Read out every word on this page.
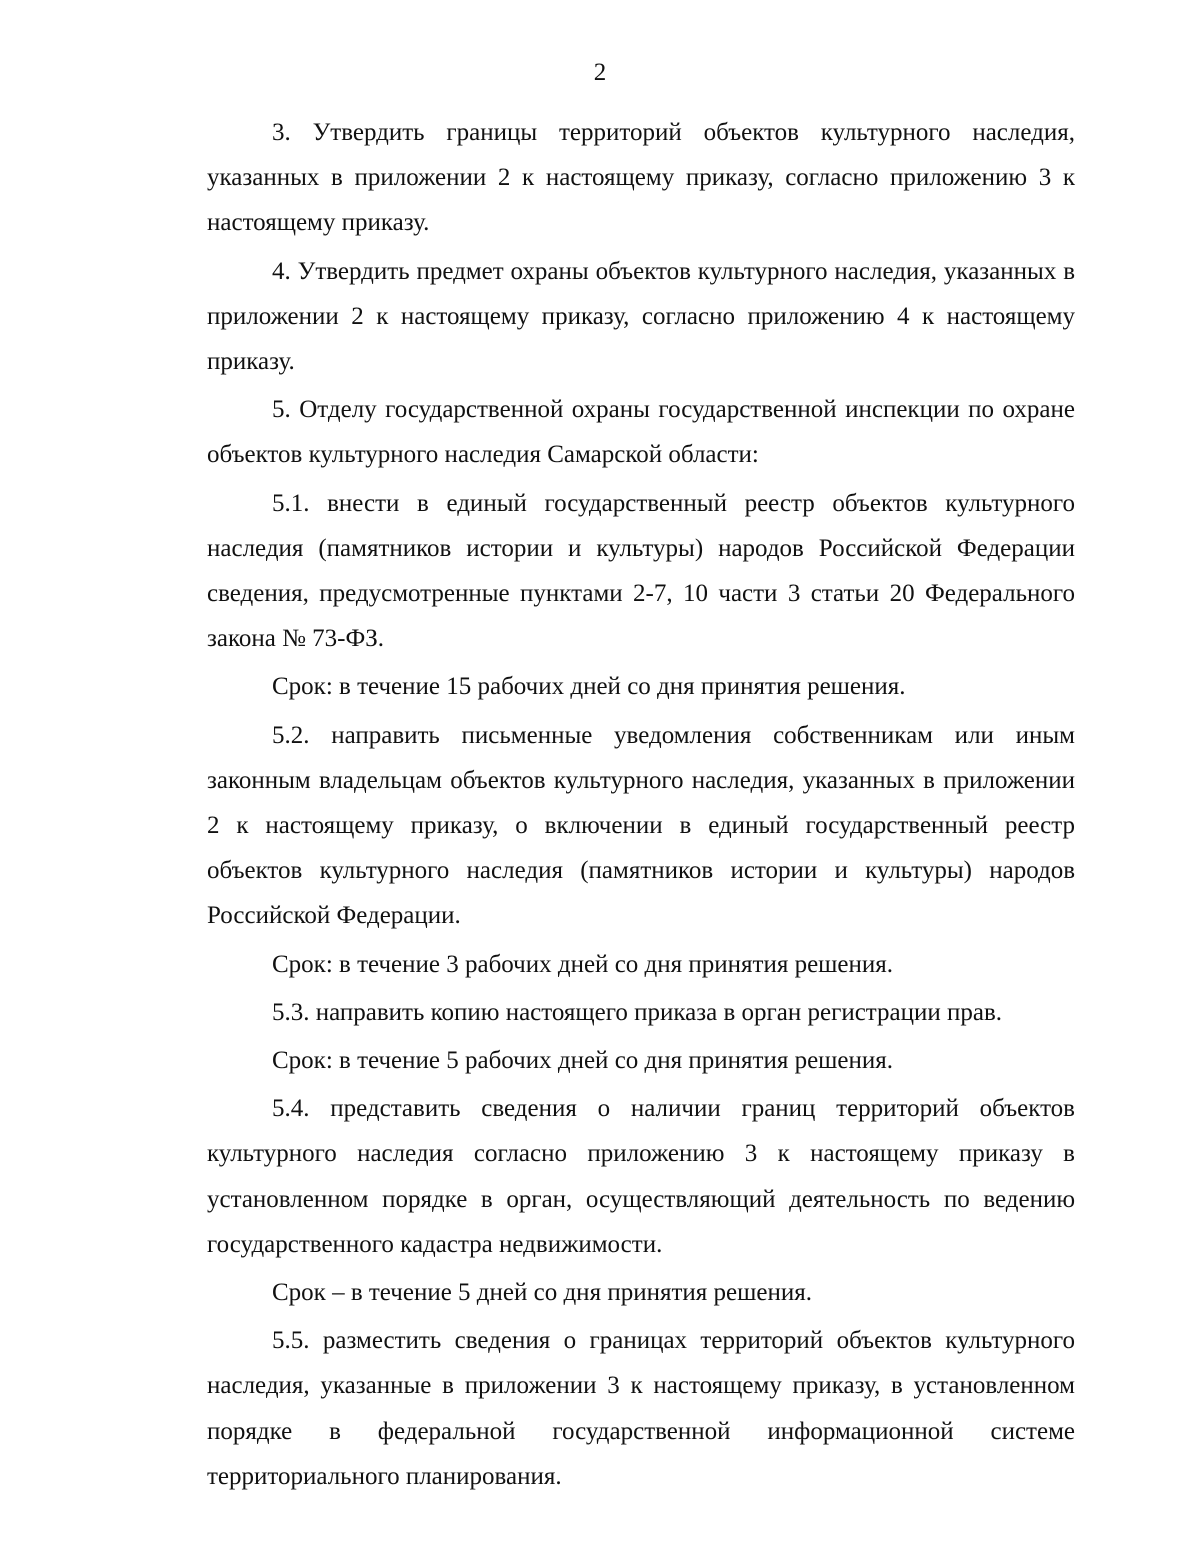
2

3. Утвердить границы территорий объектов культурного наследия, указанных в приложении 2 к настоящему приказу, согласно приложению 3 к настоящему приказу.

4. Утвердить предмет охраны объектов культурного наследия, указанных в приложении 2 к настоящему приказу, согласно приложению 4 к настоящему приказу.

5. Отделу государственной охраны государственной инспекции по охране объектов культурного наследия Самарской области:

5.1. внести в единый государственный реестр объектов культурного наследия (памятников истории и культуры) народов Российской Федерации сведения, предусмотренные пунктами 2-7, 10 части 3 статьи 20 Федерального закона № 73-ФЗ.

Срок: в течение 15 рабочих дней со дня принятия решения.

5.2. направить письменные уведомления собственникам или иным законным владельцам объектов культурного наследия, указанных в приложении 2 к настоящему приказу, о включении в единый государственный реестр объектов культурного наследия (памятников истории и культуры) народов Российской Федерации.

Срок: в течение 3 рабочих дней со дня принятия решения.

5.3. направить копию настоящего приказа в орган регистрации прав.

Срок: в течение 5 рабочих дней со дня принятия решения.

5.4. представить сведения о наличии границ территорий объектов культурного наследия согласно приложению 3 к настоящему приказу в установленном порядке в орган, осуществляющий деятельность по ведению государственного кадастра недвижимости.

Срок – в течение 5 дней со дня принятия решения.

5.5. разместить сведения о границах территорий объектов культурного наследия, указанные в приложении 3 к настоящему приказу, в установленном порядке в федеральной государственной информационной системе территориального планирования.
